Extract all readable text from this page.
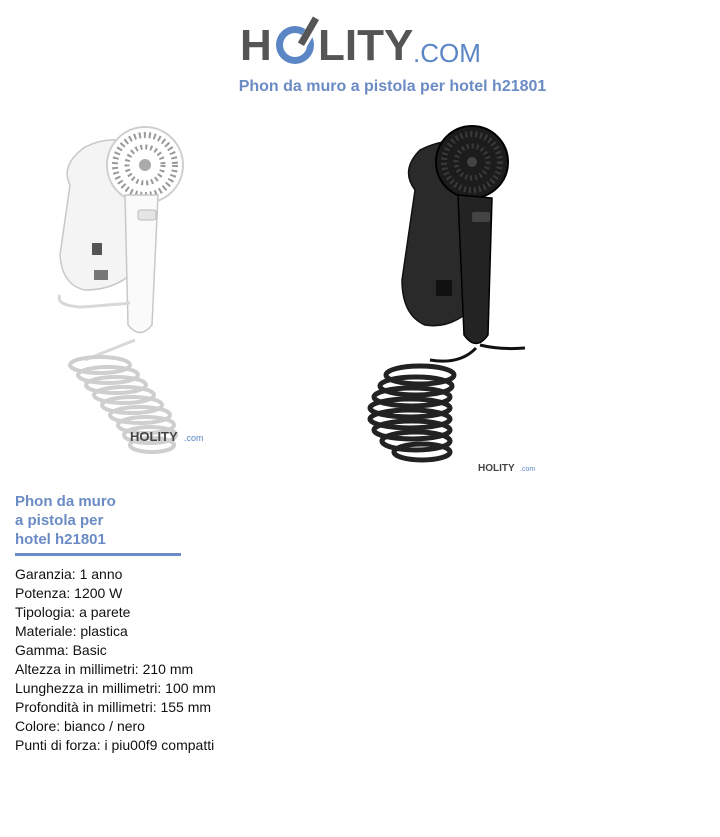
H LITY .COM
Phon da muro a pistola per hotel h21801
HOLITY .com
HOLITY .com
Phon da muro
a pistola per
hotel h21801
Garanzia: 1 anno
Potenza: 1200 W
Tipologia: a parete
Materiale: plastica
Gamma: Basic
Altezza in millimetri: 210 mm
Lunghezza in millimetri: 100 mm
Profondità in millimetri: 155 mm
Colore: bianco / nero
Punti di forza: i piu00f9 compatti
